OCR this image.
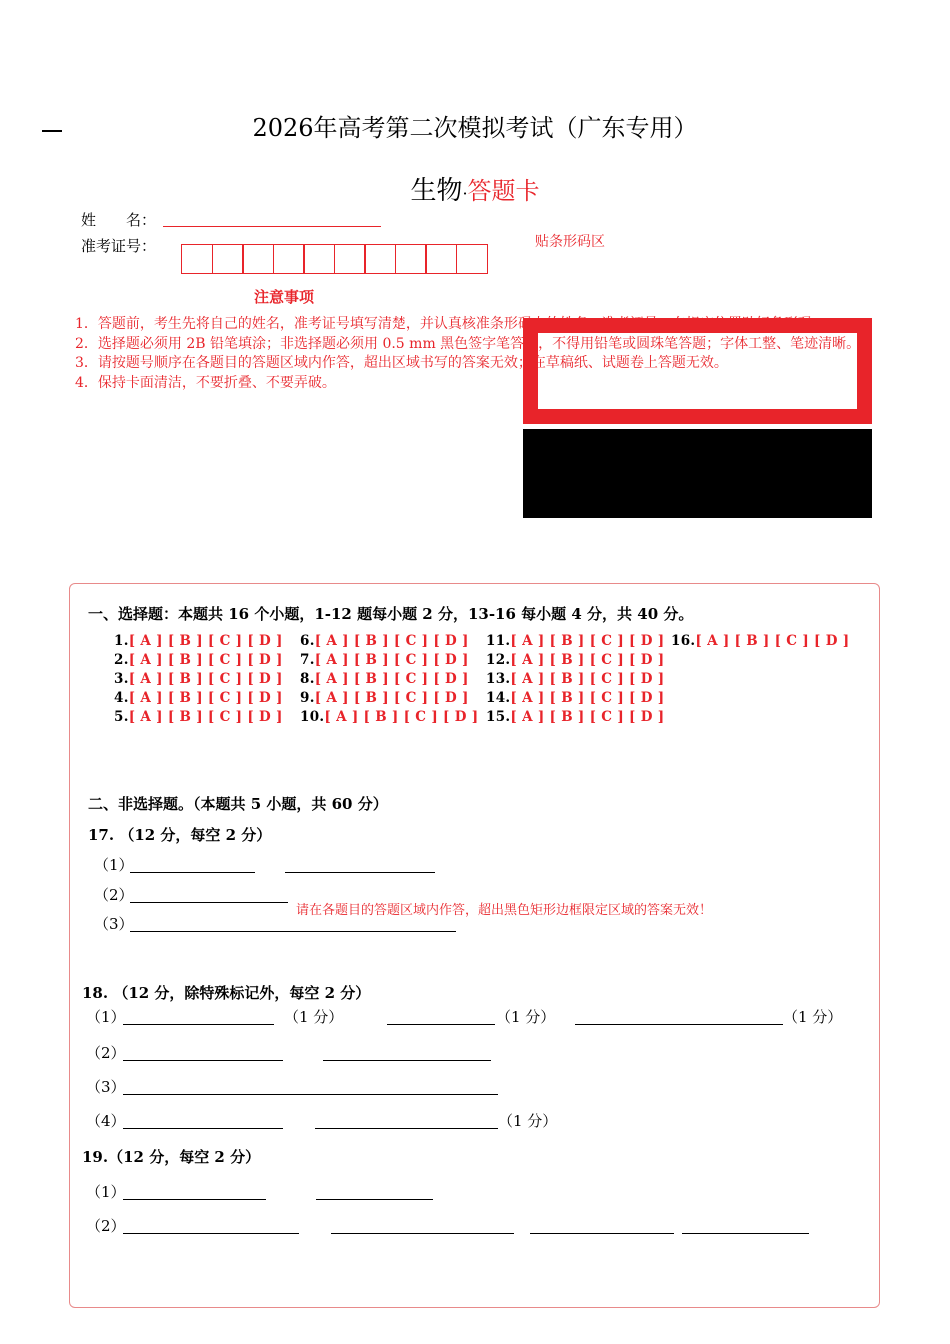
2026年高考第二次模拟考试（广东专用）
生物·答题卡
姓　　名：
准考证号：	贴条形码区
注意事项
1．答题前，考生先将自己的姓名，准考证号填写清楚，并认真核准条形码上的姓名、准考证号，在规定位置贴好条形码。
2．选择题必须用 2B 铅笔填涂；非选择题必须用 0.5 mm 黑色签字笔答题，不得用铅笔或圆珠笔答题；字体工整、笔迹清晰。
3．请按题号顺序在各题目的答题区域内作答，超出区域书写的答案无效；在草稿纸、试题卷上答题无效。
4．保持卡面清洁，不要折叠、不要弄破。
一、选择题：本题共 16 个小题，1-12 题每小题 2 分，13-16 每小题 4 分，共 40 分。
1.[ A ] [ B ] [ C ] [ D ]
2.[ A ] [ B ] [ C ] [ D ]
3.[ A ] [ B ] [ C ] [ D ]
4.[ A ] [ B ] [ C ] [ D ]
5.[ A ] [ B ] [ C ] [ D ]
6.[ A ] [ B ] [ C ] [ D ]
7.[ A ] [ B ] [ C ] [ D ]
8.[ A ] [ B ] [ C ] [ D ]
9.[ A ] [ B ] [ C ] [ D ]
10.[ A ] [ B ] [ C ] [ D ]
11.[ A ] [ B ] [ C ] [ D ]
12.[ A ] [ B ] [ C ] [ D ]
13.[ A ] [ B ] [ C ] [ D ]
14.[ A ] [ B ] [ C ] [ D ]
15.[ A ] [ B ] [ C ] [ D ]
16.[ A ] [ B ] [ C ] [ D ]
二、非选择题。（本题共 5 小题，共 60 分）
17. （12 分，每空 2 分）
（1）
（2）
请在各题目的答题区域内作答，超出黑色矩形边框限定区域的答案无效！
（3）
18. （12 分，除特殊标记外，每空 2 分）
（1）	（1 分）	（1 分）	（1 分）
（2）
（3）
（4）	（1 分）
19.（12 分，每空 2 分）
（1）
（2）
